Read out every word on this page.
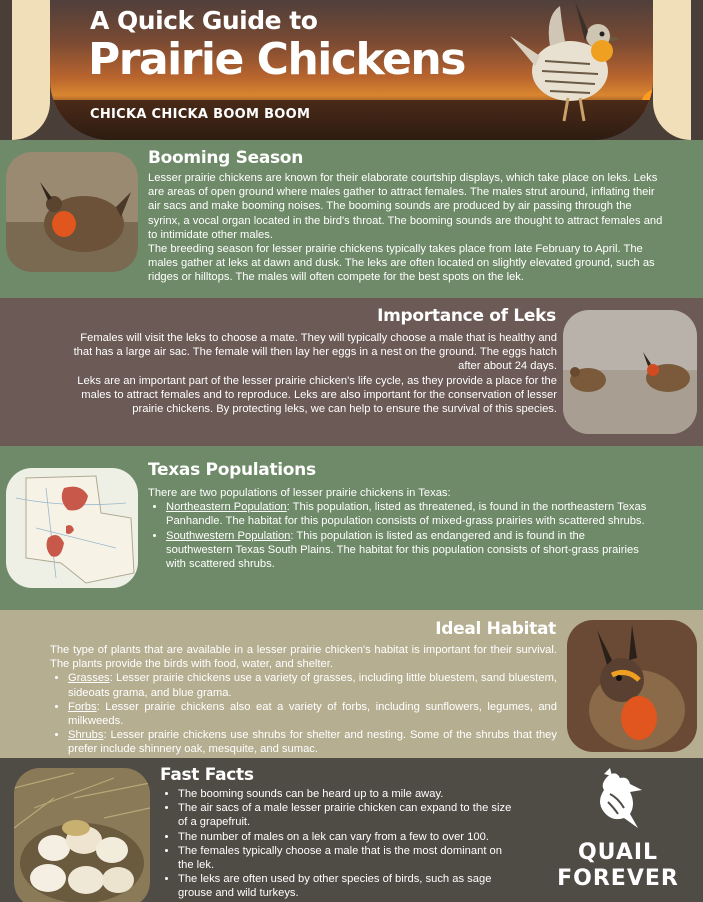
A Quick Guide to
Prairie Chickens
CHICKA CHICKA BOOM BOOM
Booming Season

Lesser prairie chickens are known for their elaborate courtship displays, which take place on leks. Leks are areas of open ground where males gather to attract females. The males strut around, inflating their air sacs and make booming noises. The booming sounds are produced by air passing through the syrinx, a vocal organ located in the bird's throat. The booming sounds are thought to attract females and to intimidate other males.

The breeding season for lesser prairie chickens typically takes place from late February to April. The males gather at leks at dawn and dusk. The leks are often located on slightly elevated ground, such as ridges or hilltops. The males will often compete for the best spots on the lek.

Importance of Leks

Females will visit the leks to choose a mate. They will typically choose a male that is healthy and that has a large air sac. The female will then lay her eggs in a nest on the ground. The eggs hatch after about 24 days.

Leks are an important part of the lesser prairie chicken's life cycle, as they provide a place for the males to attract females and to reproduce. Leks are also important for the conservation of lesser prairie chickens. By protecting leks, we can help to ensure the survival of this species.

Texas Populations

There are two populations of lesser prairie chickens in Texas:

• Northeastern Population: This population, listed as threatened, is found in the northeastern Texas Panhandle. The habitat for this population consists of mixed-grass prairies with scattered shrubs.
• Southwestern Population: This population is listed as endangered and is found in the southwestern Texas South Plains. The habitat for this population consists of short-grass prairies with scattered shrubs.
Ideal Habitat

The type of plants that are available in a lesser prairie chicken's habitat is important for their survival. The plants provide the birds with food, water, and shelter.

• Grasses: Lesser prairie chickens use a variety of grasses, including little bluestem, sand bluestem, sideoats grama, and blue grama.
• Forbs: Lesser prairie chickens also eat a variety of forbs, including sunflowers, legumes, and milkweeds.
• Shrubs: Lesser prairie chickens use shrubs for shelter and nesting. Some of the shrubs that they prefer include shinnery oak, mesquite, and sumac.
Fast Facts
• The booming sounds can be heard up to a mile away.
• The air sacs of a male lesser prairie chicken can expand to the size of a grapefruit.
• The number of males on a lek can vary from a few to over 100.
• The females typically choose a male that is the most dominant on the lek.
• The leks are often used by other species of birds, such as sage grouse and wild turkeys.
QUAIL
FOREVER
